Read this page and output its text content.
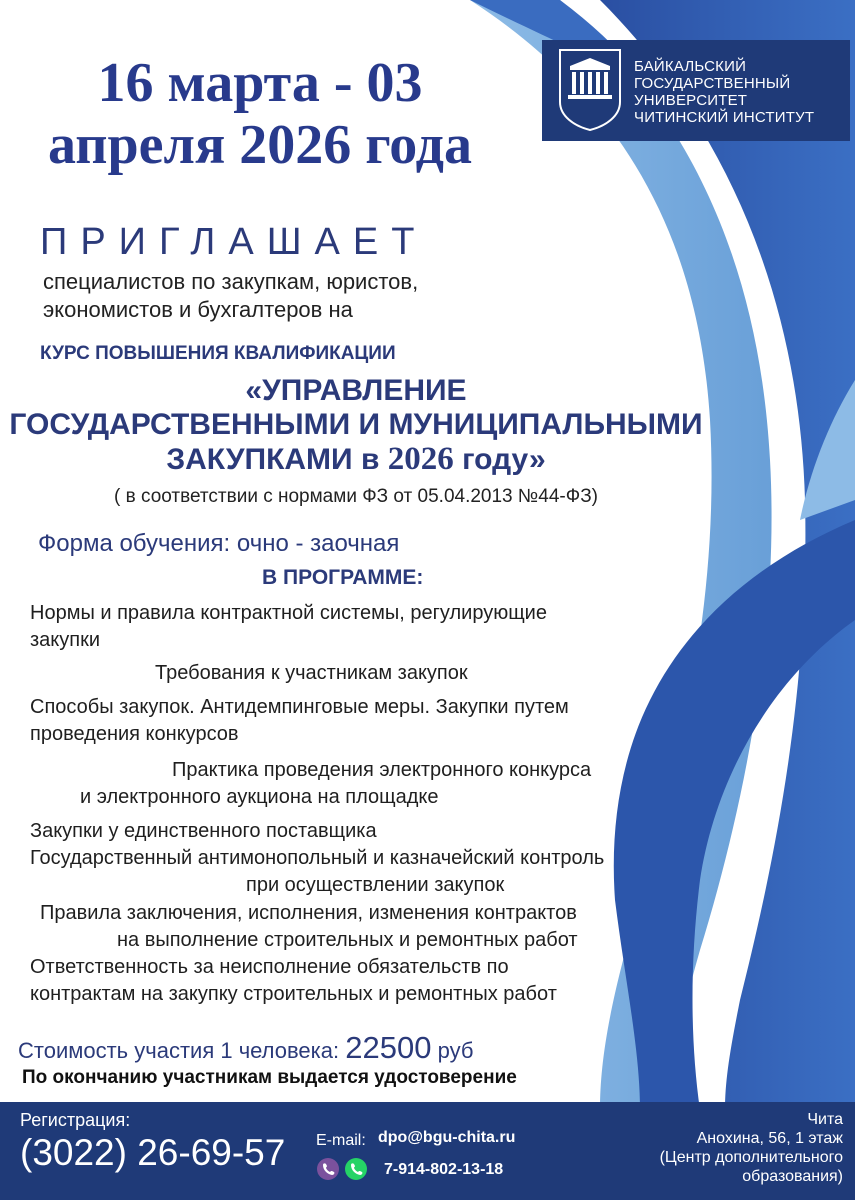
16 марта - 03
апреля 2026 года
БАЙКАЛЬСКИЙ
ГОСУДАРСТВЕННЫЙ
УНИВЕРСИТЕТ
ЧИТИНСКИЙ ИНСТИТУТ
ПРИГЛАШАЕТ
специалистов по закупкам, юристов,
экономистов и бухгалтеров на
КУРС ПОВЫШЕНИЯ КВАЛИФИКАЦИИ
«УПРАВЛЕНИЕ
ГОСУДАРСТВЕННЫМИ И МУНИЦИПАЛЬНЫМИ
ЗАКУПКАМИ в 2026 году»
( в соответствии с нормами ФЗ от 05.04.2013 №44-ФЗ)
Форма обучения: очно - заочная
В ПРОГРАММЕ:
Нормы и правила контрактной системы, регулирующие
закупки
Требования к участникам закупок
Способы закупок. Антидемпинговые меры. Закупки путем
проведения конкурсов
Практика проведения электронного конкурса
и электронного аукциона на площадке
Закупки у единственного поставщика
Государственный антимонопольный и казначейский контроль
при осуществлении закупок
Правила заключения, исполнения, изменения контрактов
на выполнение строительных и ремонтных работ
Ответственность за неисполнение обязательств по
контрактам на закупку строительных и ремонтных работ
Стоимость участия 1 человека: 22500 руб
По окончанию участникам выдается удостоверение
Регистрация:
(3022) 26-69-57 E-mail: dpo@bgu-chita.ru
7-914-802-13-18
Чита
Анохина, 56, 1 этаж
(Центр дополнительного
образования)
